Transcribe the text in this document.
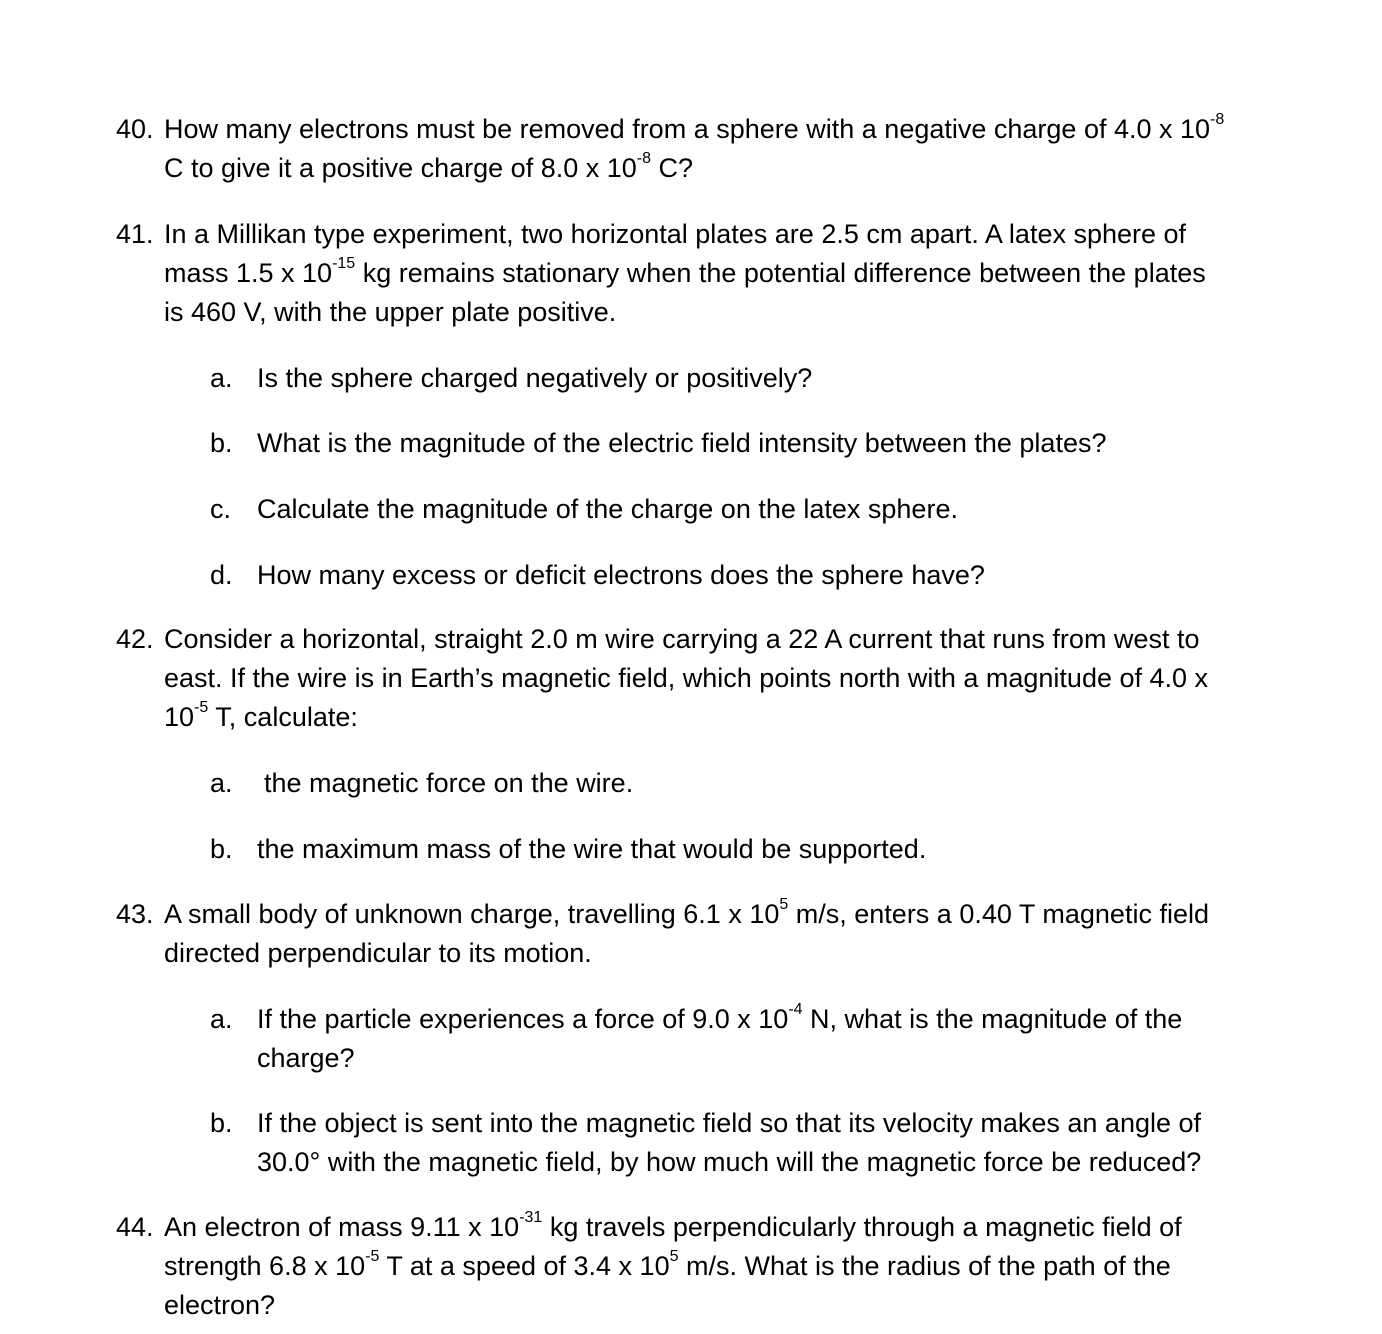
40. How many electrons must be removed from a sphere with a negative charge of 4.0 x $10^{-8}$
C to give it a positive charge of 8.0 x $10^{-8}$ C?
41. In a Millikan type experiment, two horizontal plates are 2.5 cm apart. A latex sphere of
mass 1.5 x $10^{-15}$ kg remains stationary when the potential difference between the plates
is 460 V, with the upper plate positive.
a. Is the sphere charged negatively or positively?
b. What is the magnitude of the electric field intensity between the plates?
c. Calculate the magnitude of the charge on the latex sphere.
d. How many excess or deficit electrons does the sphere have?
42. Consider a horizontal, straight 2.0 m wire carrying a 22 A current that runs from west to
east. If the wire is in Earth’s magnetic field, which points north with a magnitude of 4.0 x
$10^{-5}$ T, calculate:
a. the magnetic force on the wire.
b. the maximum mass of the wire that would be supported.
43. A small body of unknown charge, travelling 6.1 x $10^5$ m/s, enters a 0.40 T magnetic field
directed perpendicular to its motion.
a. If the particle experiences a force of 9.0 x $10^{-4}$ N, what is the magnitude of the
charge?
b. If the object is sent into the magnetic field so that its velocity makes an angle of
30.0° with the magnetic field, by how much will the magnetic force be reduced?
44. An electron of mass 9.11 x $10^{-31}$ kg travels perpendicularly through a magnetic field of
strength 6.8 x $10^{-5}$ T at a speed of 3.4 x $10^5$ m/s. What is the radius of the path of the
electron?
